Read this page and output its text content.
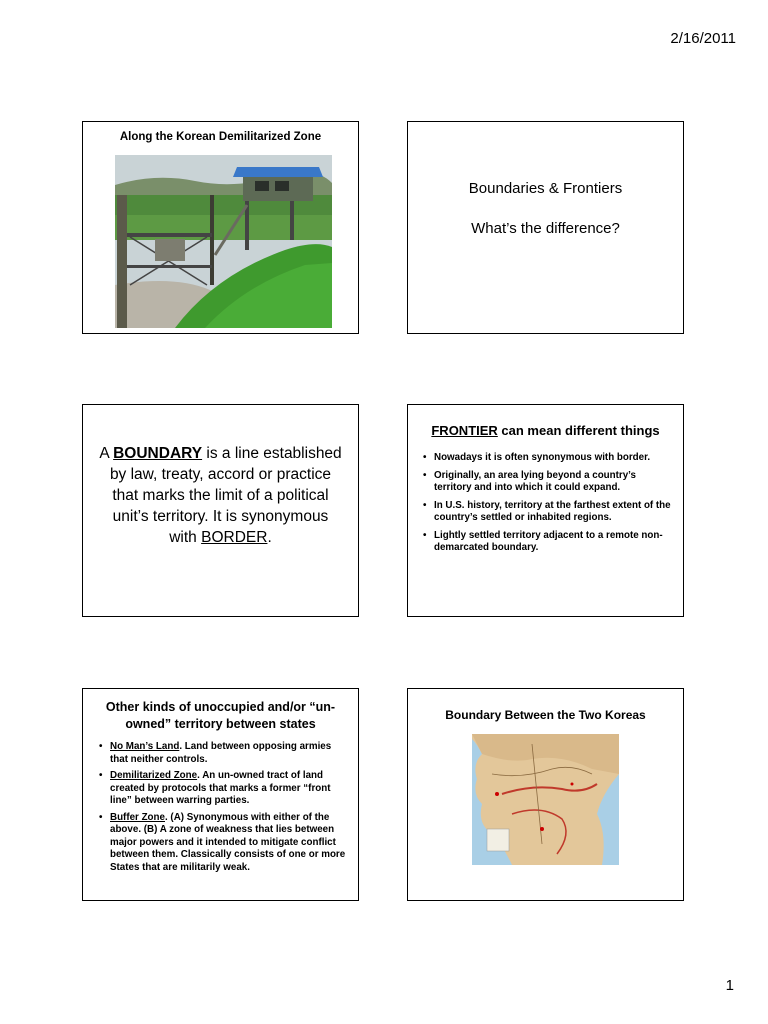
2/16/2011
Along the Korean Demilitarized Zone
Boundaries & Frontiers
What’s the difference?
A BOUNDARY is a line established by law, treaty, accord or practice that marks the limit of a political unit’s territory. It is synonymous with BORDER.
FRONTIER can mean different things
• Nowadays it is often synonymous with border.
• Originally, an area lying beyond a country’s territory and into which it could expand.
• In U.S. history, territory at the farthest extent of the country’s settled or inhabited regions.
• Lightly settled territory adjacent to a remote non-demarcated boundary.
Other kinds of unoccupied and/or “un-owned” territory between states
• No Man’s Land. Land between opposing armies that neither controls.
• Demilitarized Zone. An un-owned tract of land created by protocols that marks a former “front line” between warring parties.
• Buffer Zone. (A) Synonymous with either of the above. (B) A zone of weakness that lies between major powers and it intended to mitigate conflict between them. Classically consists of one or more States that are militarily weak.
Boundary Between the Two Koreas
1
